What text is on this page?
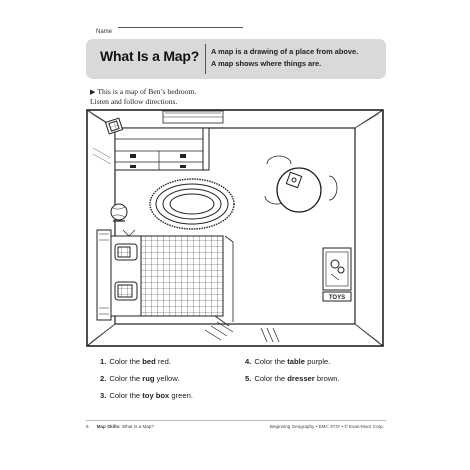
Name
What Is a Map? A map is a drawing of a place from above.
A map shows where things are.
▶ This is a map of Ben’s bedroom.
Listen and follow directions.
TOYS
1. Color the bed red.
2. Color the rug yellow.
3. Color the toy box green.
4. Color the table purple.
5. Color the dresser brown.
6 Map Skills: What Is a Map?	Beginning Geography • EMC 3737 • © Evan-Moor Corp.
